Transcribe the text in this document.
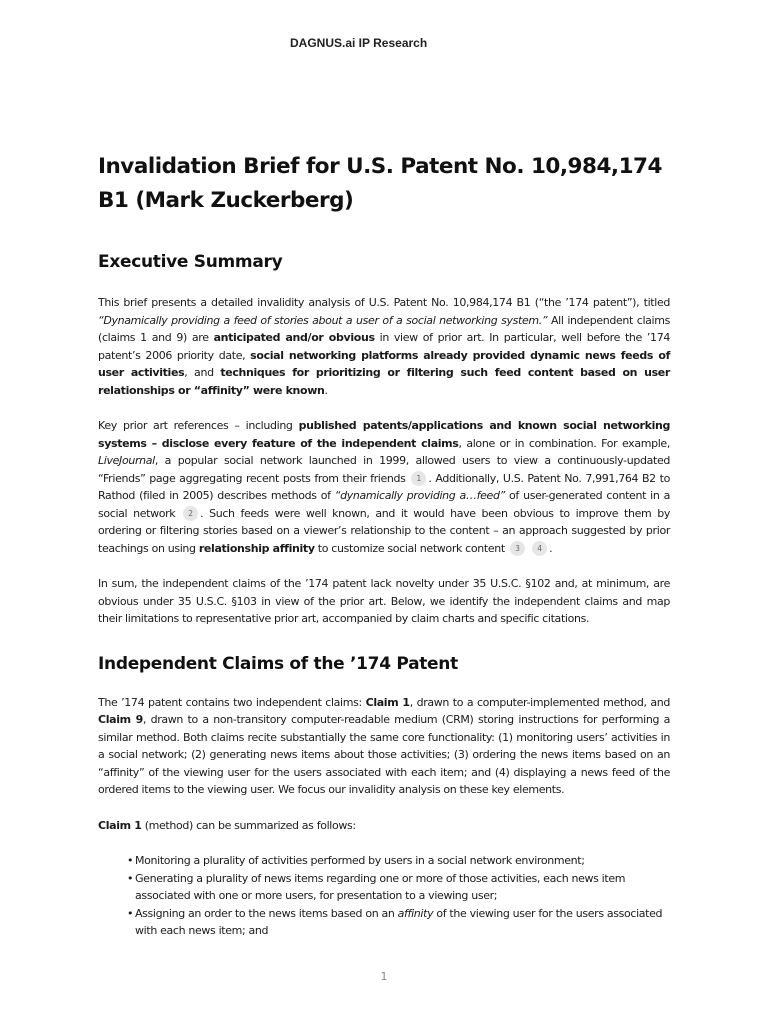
DAGNUS.ai IP Research
Invalidation Brief for U.S. Patent No. 10,984,174 B1 (Mark Zuckerberg)
Executive Summary

This brief presents a detailed invalidity analysis of U.S. Patent No. 10,984,174 B1 (“the ’174 patent”), titled “Dynamically providing a feed of stories about a user of a social networking system.” All independent claims (claims 1 and 9) are anticipated and/or obvious in view of prior art. In particular, well before the ’174 patent’s 2006 priority date, social networking platforms already provided dynamic news feeds of user activities, and techniques for prioritizing or filtering such feed content based on user relationships or “affinity” were known.

Key prior art references – including published patents/applications and known social networking systems – disclose every feature of the independent claims, alone or in combination. For example, LiveJournal, a popular social network launched in 1999, allowed users to view a continuously-updated “Friends” page aggregating recent posts from their friends 1 . Additionally, U.S. Patent No. 7,991,764 B2 to Rathod (filed in 2005) describes methods of “dynamically providing a…feed” of user-generated content in a social network 2 . Such feeds were well known, and it would have been obvious to improve them by ordering or filtering stories based on a viewer’s relationship to the content – an approach suggested by prior teachings on using relationship affinity to customize social network content 3 4 .

In sum, the independent claims of the ’174 patent lack novelty under 35 U.S.C. §102 and, at minimum, are obvious under 35 U.S.C. §103 in view of the prior art. Below, we identify the independent claims and map their limitations to representative prior art, accompanied by claim charts and specific citations.

Independent Claims of the ’174 Patent

The ’174 patent contains two independent claims: Claim 1, drawn to a computer-implemented method, and Claim 9, drawn to a non-transitory computer-readable medium (CRM) storing instructions for performing a similar method. Both claims recite substantially the same core functionality: (1) monitoring users’ activities in a social network; (2) generating news items about those activities; (3) ordering the news items based on an “affinity” of the viewing user for the users associated with each item; and (4) displaying a news feed of the ordered items to the viewing user. We focus our invalidity analysis on these key elements.

Claim 1 (method) can be summarized as follows:

• Monitoring a plurality of activities performed by users in a social network environment;
• Generating a plurality of news items regarding one or more of those activities, each news item associated with one or more users, for presentation to a viewing user;
• Assigning an order to the news items based on an affinity of the viewing user for the users associated with each news item; and
1
